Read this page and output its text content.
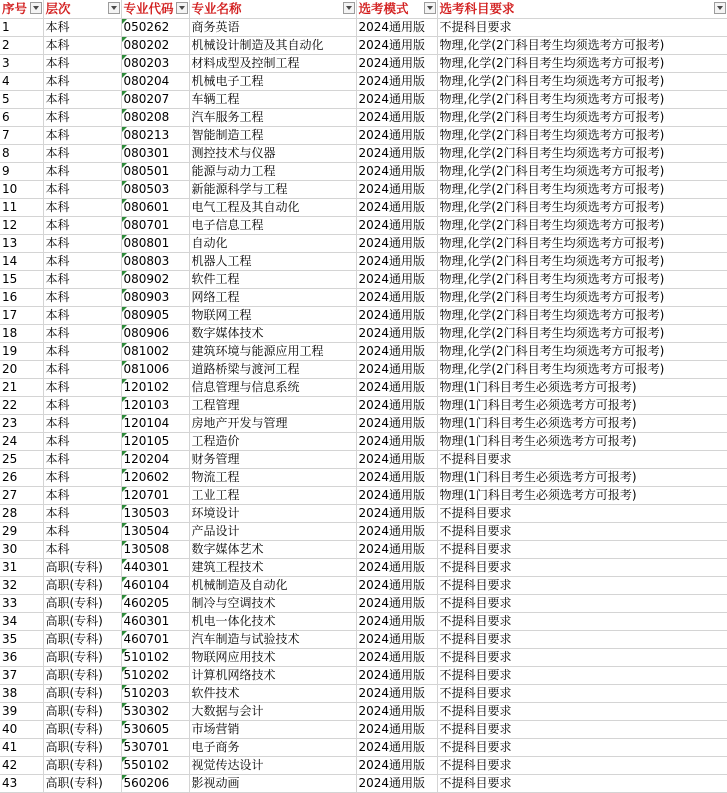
序号	层次	专业代码	专业名称	选考模式	选考科目要求

1	本科	050262	商务英语	2024通用版	不提科目要求
2	本科	080202	机械设计制造及其自动化	2024通用版	物理,化学(2门科目考生均须选考方可报考)
3	本科	080203	材料成型及控制工程	2024通用版	物理,化学(2门科目考生均须选考方可报考)
4	本科	080204	机械电子工程	2024通用版	物理,化学(2门科目考生均须选考方可报考)
5	本科	080207	车辆工程	2024通用版	物理,化学(2门科目考生均须选考方可报考)
6	本科	080208	汽车服务工程	2024通用版	物理,化学(2门科目考生均须选考方可报考)
7	本科	080213	智能制造工程	2024通用版	物理,化学(2门科目考生均须选考方可报考)
8	本科	080301	测控技术与仪器	2024通用版	物理,化学(2门科目考生均须选考方可报考)
9	本科	080501	能源与动力工程	2024通用版	物理,化学(2门科目考生均须选考方可报考)
10	本科	080503	新能源科学与工程	2024通用版	物理,化学(2门科目考生均须选考方可报考)
11	本科	080601	电气工程及其自动化	2024通用版	物理,化学(2门科目考生均须选考方可报考)
12	本科	080701	电子信息工程	2024通用版	物理,化学(2门科目考生均须选考方可报考)
13	本科	080801	自动化	2024通用版	物理,化学(2门科目考生均须选考方可报考)
14	本科	080803	机器人工程	2024通用版	物理,化学(2门科目考生均须选考方可报考)
15	本科	080902	软件工程	2024通用版	物理,化学(2门科目考生均须选考方可报考)
16	本科	080903	网络工程	2024通用版	物理,化学(2门科目考生均须选考方可报考)
17	本科	080905	物联网工程	2024通用版	物理,化学(2门科目考生均须选考方可报考)
18	本科	080906	数字媒体技术	2024通用版	物理,化学(2门科目考生均须选考方可报考)
19	本科	081002	建筑环境与能源应用工程	2024通用版	物理,化学(2门科目考生均须选考方可报考)
20	本科	081006	道路桥梁与渡河工程	2024通用版	物理,化学(2门科目考生均须选考方可报考)
21	本科	120102	信息管理与信息系统	2024通用版	物理(1门科目考生必须选考方可报考)
22	本科	120103	工程管理	2024通用版	物理(1门科目考生必须选考方可报考)
23	本科	120104	房地产开发与管理	2024通用版	物理(1门科目考生必须选考方可报考)
24	本科	120105	工程造价	2024通用版	物理(1门科目考生必须选考方可报考)
25	本科	120204	财务管理	2024通用版	不提科目要求
26	本科	120602	物流工程	2024通用版	物理(1门科目考生必须选考方可报考)
27	本科	120701	工业工程	2024通用版	物理(1门科目考生必须选考方可报考)
28	本科	130503	环境设计	2024通用版	不提科目要求
29	本科	130504	产品设计	2024通用版	不提科目要求
30	本科	130508	数字媒体艺术	2024通用版	不提科目要求
31	高职(专科)	440301	建筑工程技术	2024通用版	不提科目要求
32	高职(专科)	460104	机械制造及自动化	2024通用版	不提科目要求
33	高职(专科)	460205	制冷与空调技术	2024通用版	不提科目要求
34	高职(专科)	460301	机电一体化技术	2024通用版	不提科目要求
35	高职(专科)	460701	汽车制造与试验技术	2024通用版	不提科目要求
36	高职(专科)	510102	物联网应用技术	2024通用版	不提科目要求
37	高职(专科)	510202	计算机网络技术	2024通用版	不提科目要求
38	高职(专科)	510203	软件技术	2024通用版	不提科目要求
39	高职(专科)	530302	大数据与会计	2024通用版	不提科目要求
40	高职(专科)	530605	市场营销	2024通用版	不提科目要求
41	高职(专科)	530701	电子商务	2024通用版	不提科目要求
42	高职(专科)	550102	视觉传达设计	2024通用版	不提科目要求
43	高职(专科)	560206	影视动画	2024通用版	不提科目要求
